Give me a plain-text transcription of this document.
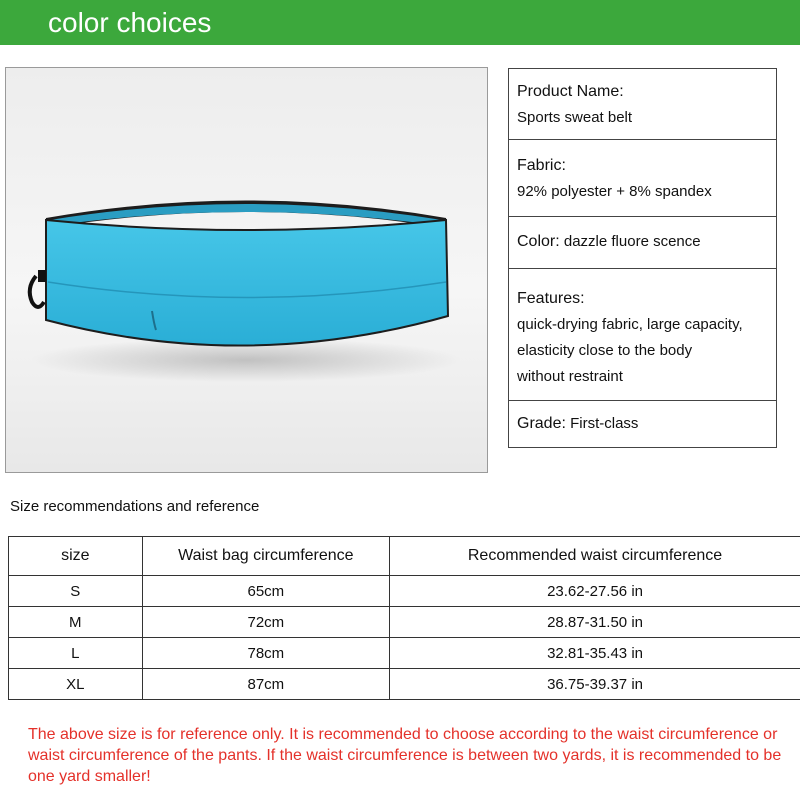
color choices
Product Name:
Sports sweat belt
Fabric:
92% polyester + 8% spandex
Color: dazzle fluore scence
Features:
quick-drying fabric, large capacity,
elasticity close to the body
without restraint
Grade: First-class
Size recommendations and reference
size	Waist bag circumference	Recommended waist circumference
S	65cm	23.62-27.56 in
M	72cm	28.87-31.50 in
L	78cm	32.81-35.43 in
XL	87cm	36.75-39.37 in
The above size is for reference only. It is recommended to choose according to the waist circumference or waist circumference of the pants. If the waist circumference is between two yards, it is recommended to be one yard smaller!
